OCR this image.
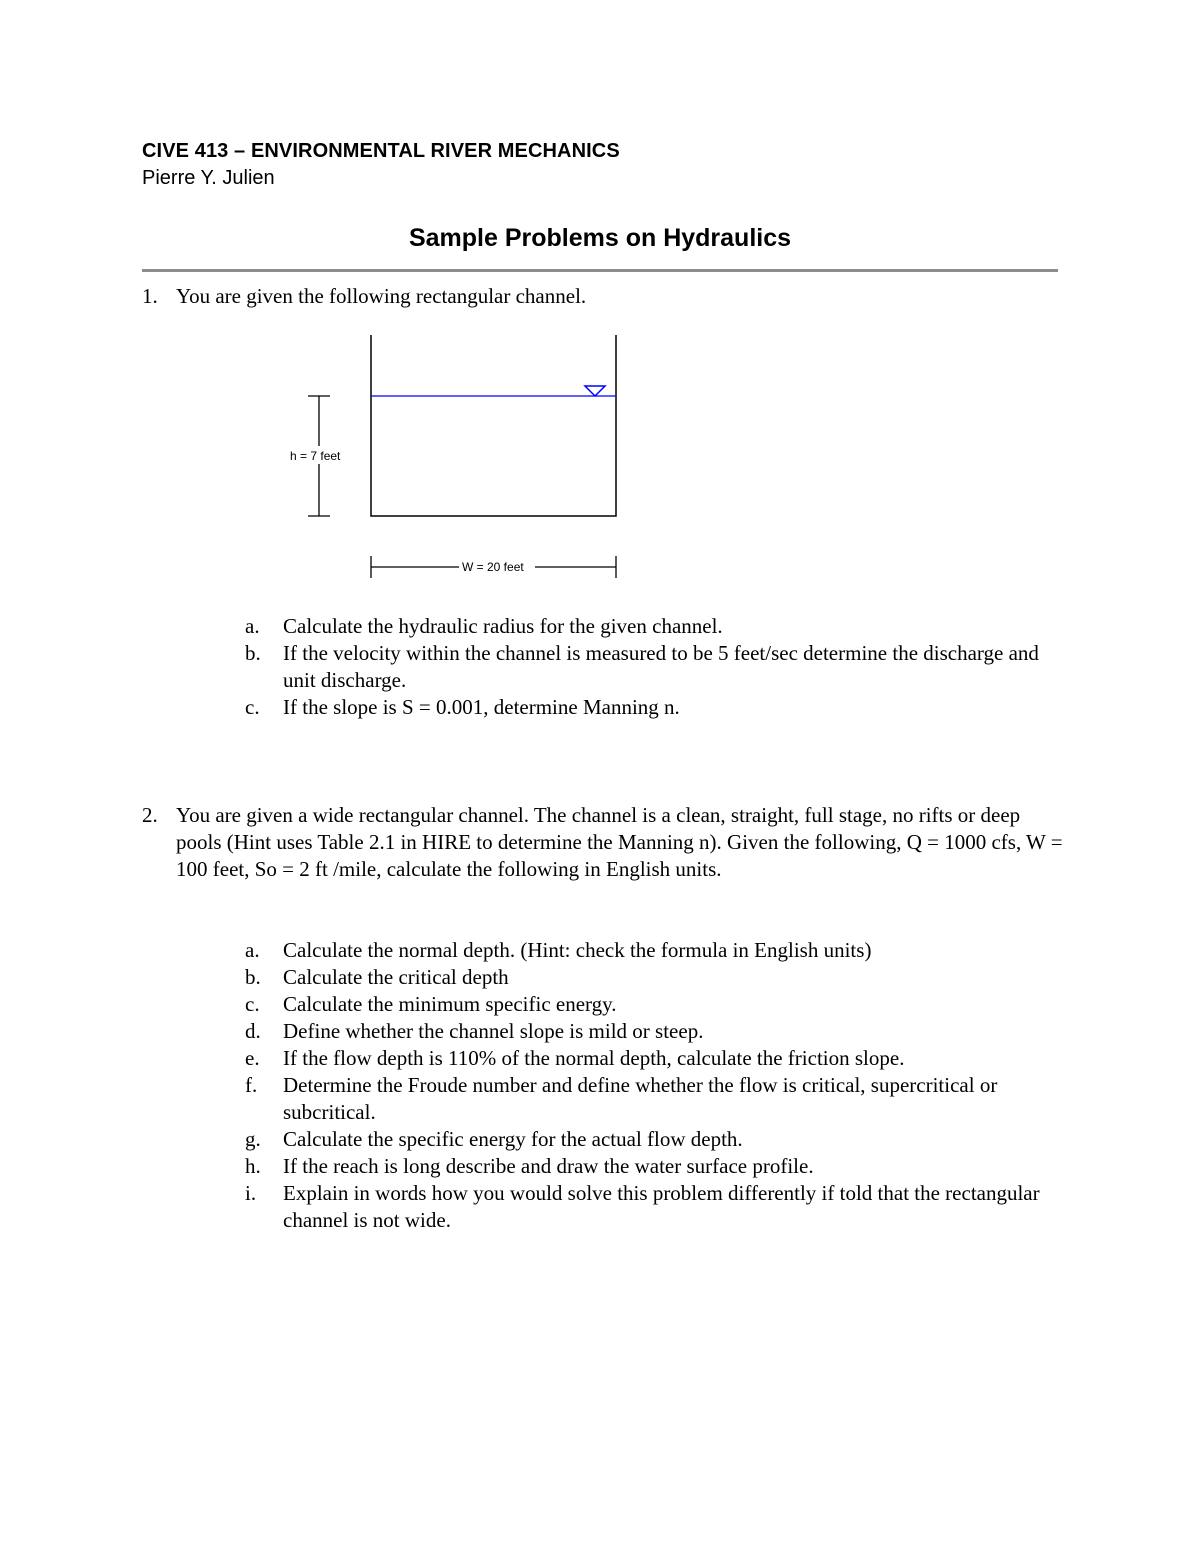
CIVE 413 – ENVIRONMENTAL RIVER MECHANICS
Pierre Y. Julien
Sample Problems on Hydraulics
1. You are given the following rectangular channel.
h = 7 feet
W = 20 feet
a. Calculate the hydraulic radius for the given channel.
b. If the velocity within the channel is measured to be 5 feet/sec determine the discharge and unit discharge.
c. If the slope is S = 0.001, determine Manning n.
2. You are given a wide rectangular channel. The channel is a clean, straight, full stage, no rifts or deep pools (Hint uses Table 2.1 in HIRE to determine the Manning n). Given the following, Q = 1000 cfs, W = 100 feet, So = 2 ft /mile, calculate the following in English units.
a. Calculate the normal depth. (Hint: check the formula in English units)
b. Calculate the critical depth
c. Calculate the minimum specific energy.
d. Define whether the channel slope is mild or steep.
e. If the flow depth is 110% of the normal depth, calculate the friction slope.
f. Determine the Froude number and define whether the flow is critical, supercritical or subcritical.
g. Calculate the specific energy for the actual flow depth.
h. If the reach is long describe and draw the water surface profile.
i. Explain in words how you would solve this problem differently if told that the rectangular channel is not wide.
